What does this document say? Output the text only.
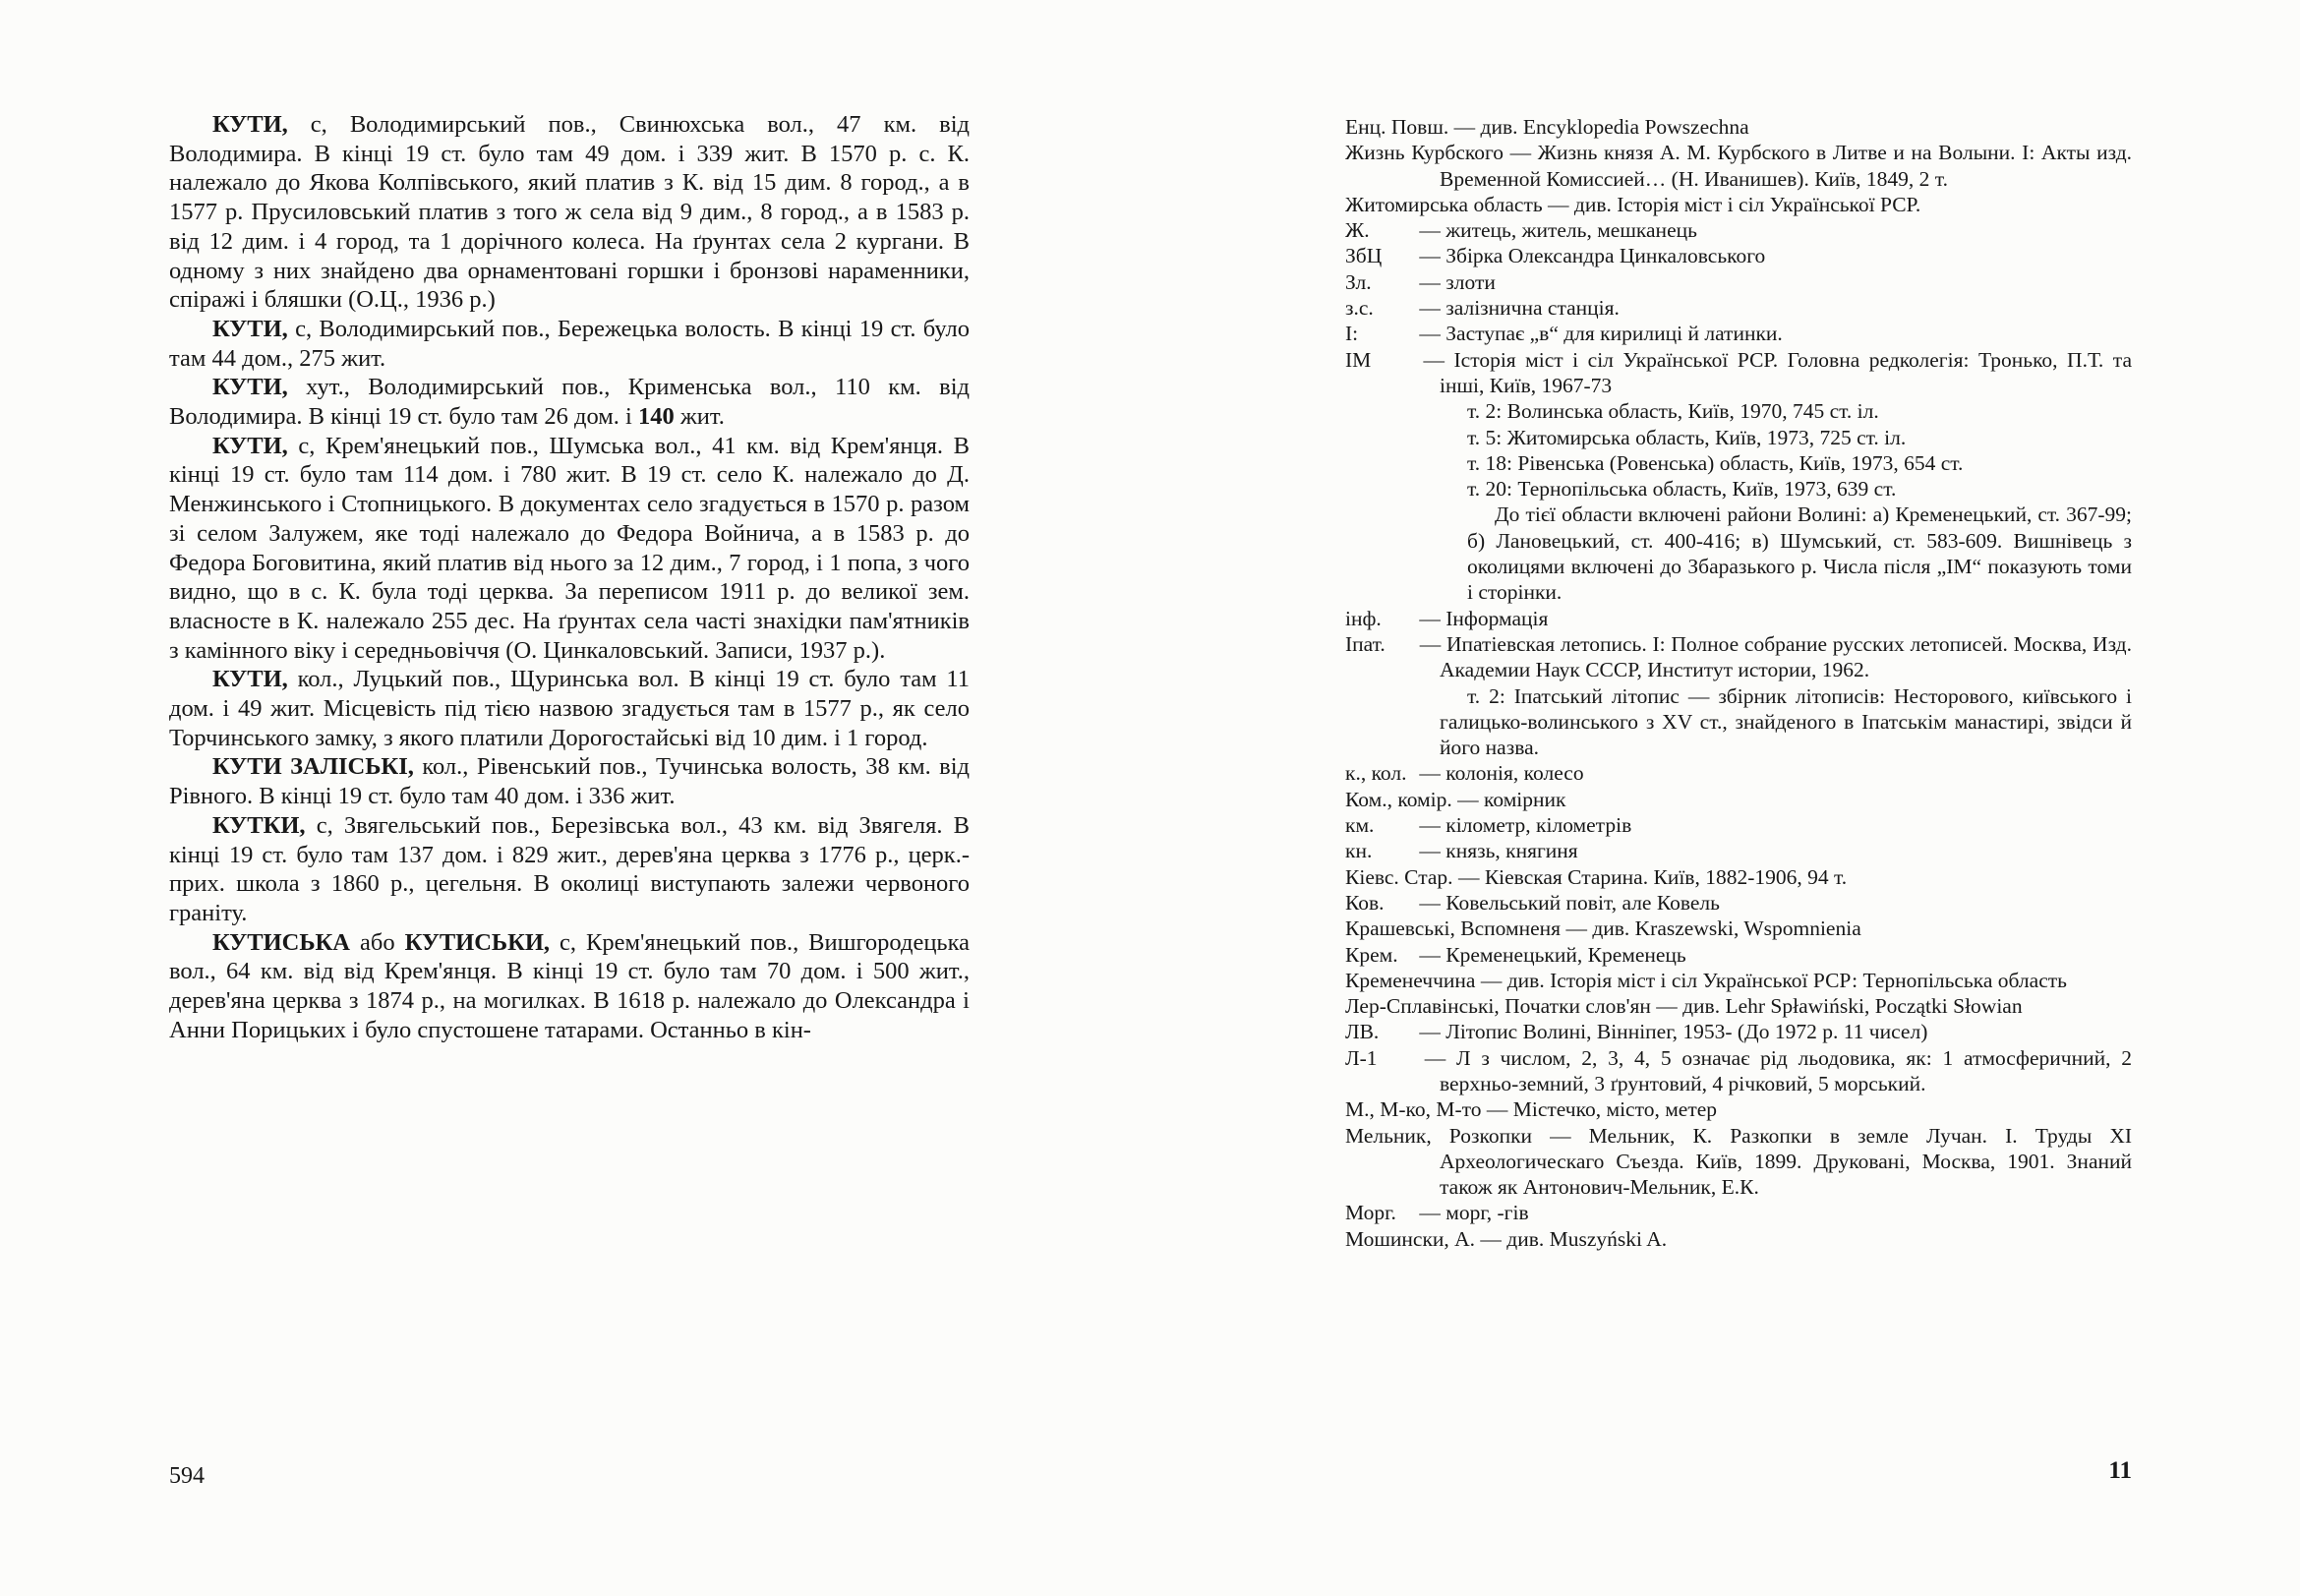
КУТИ, с, Володимирський пов., Свинюхська вол., 47 км. від Володимира. В кінці 19 ст. було там 49 дом. і 339 жит. В 1570 р. с. К. належало до Якова Колпівського, який платив з К. від 15 дим. 8 город., а в 1577 р. Прусиловський платив з того ж села від 9 дим., 8 город., а в 1583 р. від 12 дим. і 4 город, та 1 дорічного колеса. На ґрунтах села 2 кургани. В одному з них знайдено два орнаментовані горшки і бронзові нараменники, спіражі і бляшки (О.Ц., 1936 р.)

КУТИ, с, Володимирський пов., Бережецька волость. В кінці 19 ст. було там 44 дом., 275 жит.

КУТИ, хут., Володимирський пов., Крименська вол., 110 км. від Володимира. В кінці 19 ст. було там 26 дом. і 140 жит.

КУТИ, с, Крем'янецький пов., Шумська вол., 41 км. від Крем'янця. В кінці 19 ст. було там 114 дом. і 780 жит. В 19 ст. село К. належало до Д. Менжинського і Стопницького. В документах село згадується в 1570 р. разом зі селом Залужем, яке тоді належало до Федора Войнича, а в 1583 р. до Федора Боговитина, який платив від нього за 12 дим., 7 город, і 1 попа, з чого видно, що в с. К. була тоді церква. За переписом 1911 р. до великої зем. власносте в К. належало 255 дес. На ґрунтах села часті знахідки пам'ятників з камінного віку і середньовіччя (О. Цинкаловський. Записи, 1937 р.).

КУТИ, кол., Луцький пов., Щуринська вол. В кінці 19 ст. було там 11 дом. і 49 жит. Місцевість під тією назвою згадується там в 1577 р., як село Торчинського замку, з якого платили Дорогостайські від 10 дим. і 1 город.

КУТИ ЗАЛІСЬКІ, кол., Рівенський пов., Тучинська волость, 38 км. від Рівного. В кінці 19 ст. було там 40 дом. і 336 жит.

КУТКИ, с, Звягельський пов., Березівська вол., 43 км. від Звягеля. В кінці 19 ст. було там 137 дом. і 829 жит., дерев'яна церква з 1776 р., церк.-прих. школа з 1860 р., цегельня. В околиці виступають залежи червоного граніту.

КУТИСЬКА або КУТИСЬКИ, с, Крем'янецький пов., Вишгородецька вол., 64 км. від від Крем'янця. В кінці 19 ст. було там 70 дом. і 500 жит., дерев'яна церква з 1874 р., на могилках. В 1618 р. належало до Олександра і Анни Порицьких і було спустошене татарами. Останньо в кін-

Енц. Повш. — див. Encyklopedia Powszechna

Жизнь Курбского — Жизнь князя А. М. Курбского в Литве и на Волыни. I: Акты изд. Временной Комиссией… (Н. Иванишев). Київ, 1849, 2 т.

Житомирська область — див. Історія міст і сіл Української РСР.

Ж. — житець, житель, мешканець

ЗбЦ — Збірка Олександра Цинкаловського

Зл. — злоти

з.с. — залізнична станція.

І:	— Заступає „в“ для кирилиці й латинки.

ІМ — Історія міст і сіл Української РСР. Головна редколегія: Тронько, П.Т. та інші, Київ, 1967-73

т. 2: Волинська область, Київ, 1970, 745 ст. іл.

т. 5: Житомирська область, Київ, 1973, 725 ст. іл.

т. 18: Рівенська (Ровенська) область, Київ, 1973, 654 ст.

т. 20: Тернопільська область, Київ, 1973, 639 ст.

До тієї области включені райони Волині: а) Кременецький, ст. 367-99; б) Лановецький, ст. 400-416; в) Шумський, ст. 583-609. Вишнівець з околицями включені до Збаразького р. Числа після „ІМ“ показують томи і сторінки.

інф. — Інформація

Іпат. — Ипатіевская летопись. I: Полное собрание русских летописей. Москва, Изд. Академии Наук СССР, Институт истории, 1962.

т. 2: Іпатський літопис — збірник літописів: Несторового, київського і галицько-волинського з XV ст., знайденого в Іпатськім манастирі, звідси й його назва.

к., кол. — колонія, колесо

Ком., комір. — комірник

км. — кілометр, кілометрів

кн. — князь, княгиня

Кіевс. Стар. — Кіевская Старина. Київ, 1882-1906, 94 т.

Ков. — Ковельський повіт, але Ковель

Крашевські, Вспомненя — див. Kraszewski, Wspomnienia

Крем. — Кременецький, Кременець

Кременеччина — див. Історія міст і сіл Української РСР: Тернопільська область

Лер-Сплавінські, Початки слов'ян — див. Lehr Spławiński, Początki Słowian

ЛВ. — Літопис Волині, Вінніпег, 1953- (До 1972 р. 11 чисел)

Л-1 — Л з числом, 2, 3, 4, 5 означає рід льодовика, як: 1 атмосферичний, 2 верхньо-земний, 3 ґрунтовий, 4 річковий, 5 морський.

М., М-ко, М-то — Містечко, місто, метер

Мельник, Розкопки — Мельник, К. Разкопки в земле Лучан. I. Труды XI Археологическаго Съезда. Київ, 1899. Друковані, Москва, 1901. Знаний також як Антонович-Мельник, Е.К.

Морг. — морг, -гів

Мошински, А. — див. Muszyński A.

594	11
